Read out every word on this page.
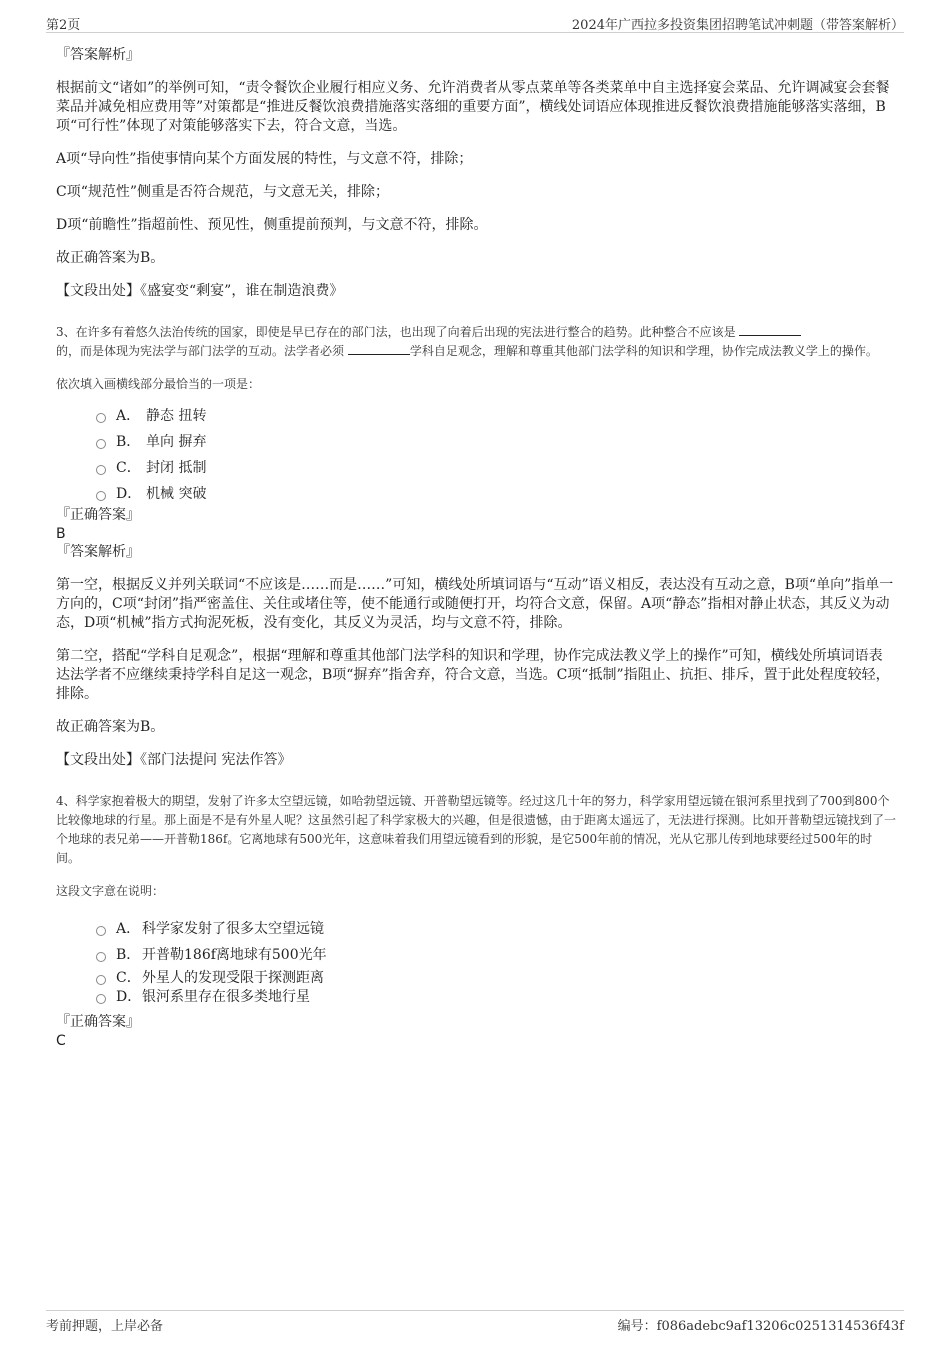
第2页	2024年广西拉多投资集团招聘笔试冲刺题（带答案解析）

『答案解析』

根据前文“诸如”的举例可知，“责令餐饮企业履行相应义务、允许消费者从零点菜单等各类菜单中自主选择宴会菜品、允许调减宴会套餐菜品并减免相应费用等”对策都是“推进反餐饮浪费措施落实落细的重要方面”，横线处词语应体现推进反餐饮浪费措施能够落实落细，B项“可行性”体现了对策能够落实下去，符合文意，当选。

A项“导向性”指使事情向某个方面发展的特性，与文意不符，排除；

C项“规范性”侧重是否符合规范，与文意无关，排除；

D项“前瞻性”指超前性、预见性，侧重提前预判，与文意不符，排除。

故正确答案为B。

【文段出处】《盛宴变“剩宴”，谁在制造浪费》

3、在许多有着悠久法治传统的国家，即使是早已存在的部门法，也出现了向着后出现的宪法进行整合的趋势。此种整合不应该是
的，而是体现为宪法学与部门法学的互动。法学者必须	学科自足观念，理解和尊重其他部门法学科的知识和学理，协作完成法教义学上的操作。

依次填入画横线部分最恰当的一项是：

A． 静态 扭转
B． 单向 摒弃
C． 封闭 抵制
D． 机械 突破

『正确答案』

B

『答案解析』

第一空，根据反义并列关联词“不应该是……而是……”可知，横线处所填词语与“互动”语义相反，表达没有互动之意，B项“单向”指单一方向的，C项“封闭”指严密盖住、关住或堵住等，使不能通行或随便打开，均符合文意，保留。A项“静态”指相对静止状态，其反义为动态，D项“机械”指方式拘泥死板，没有变化，其反义为灵活，均与文意不符，排除。

第二空，搭配“学科自足观念”，根据“理解和尊重其他部门法学科的知识和学理，协作完成法教义学上的操作”可知，横线处所填词语表达法学者不应继续秉持学科自足这一观念，B项“摒弃”指舍弃，符合文意，当选。C项“抵制”指阻止、抗拒、排斥，置于此处程度较轻，排除。

故正确答案为B。

【文段出处】《部门法提问 宪法作答》

4、科学家抱着极大的期望，发射了许多太空望远镜，如哈勃望远镜、开普勒望远镜等。经过这几十年的努力，科学家用望远镜在银河系里找到了700到800个比较像地球的行星。那上面是不是有外星人呢？这虽然引起了科学家极大的兴趣，但是很遗憾，由于距离太遥远了，无法进行探测。比如开普勒望远镜找到了一个地球的表兄弟——开普勒186f。它离地球有500光年，这意味着我们用望远镜看到的形貌，是它500年前的情况，光从它那儿传到地球要经过500年的时间。

这段文字意在说明：

A． 科学家发射了很多太空望远镜
B． 开普勒186f离地球有500光年
C． 外星人的发现受限于探测距离
D． 银河系里存在很多类地行星

『正确答案』

C

考前押题，上岸必备	编号：f086adebc9af13206c0251314536f43f
